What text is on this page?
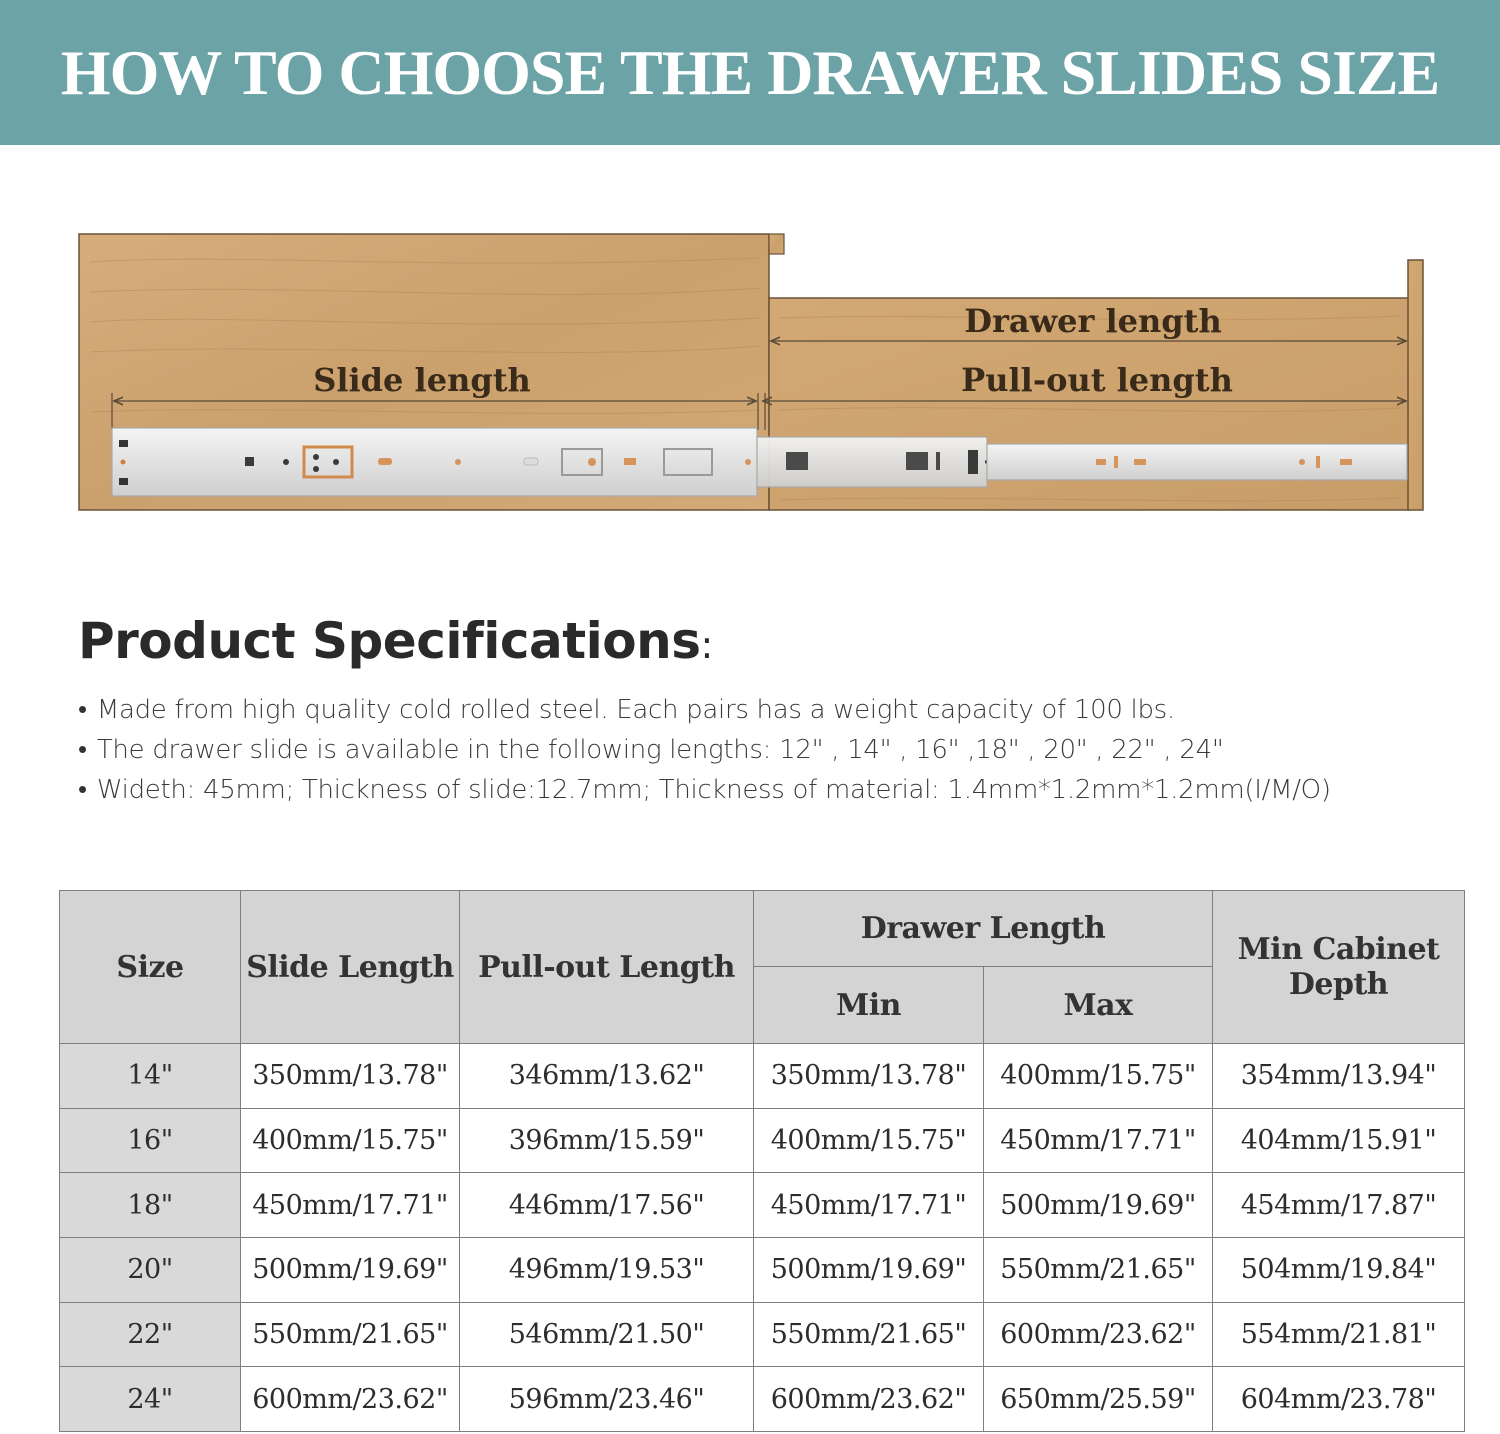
HOW TO CHOOSE THE DRAWER SLIDES SIZE
Slide length
Drawer length
Pull-out length
Product Specifications:
• Made from high quality cold rolled steel. Each pairs has a weight capacity of 100 lbs.
• The drawer slide is available in the following lengths: 12" , 14" , 16" ,18" , 20" , 22" , 24"
• Wideth: 45mm; Thickness of slide:12.7mm; Thickness of material: 1.4mm*1.2mm*1.2mm(I/M/O)
Size	Slide Length	Pull-out Length	Drawer Length		Min Cabinet
Depth
			Min	Max	
14"	350mm/13.78"	346mm/13.62"	350mm/13.78"	400mm/15.75"	354mm/13.94"
16"	400mm/15.75"	396mm/15.59"	400mm/15.75"	450mm/17.71"	404mm/15.91"
18"	450mm/17.71"	446mm/17.56"	450mm/17.71"	500mm/19.69"	454mm/17.87"
20"	500mm/19.69"	496mm/19.53"	500mm/19.69"	550mm/21.65"	504mm/19.84"
22"	550mm/21.65"	546mm/21.50"	550mm/21.65"	600mm/23.62"	554mm/21.81"
24"	600mm/23.62"	596mm/23.46"	600mm/23.62"	650mm/25.59"	604mm/23.78"
